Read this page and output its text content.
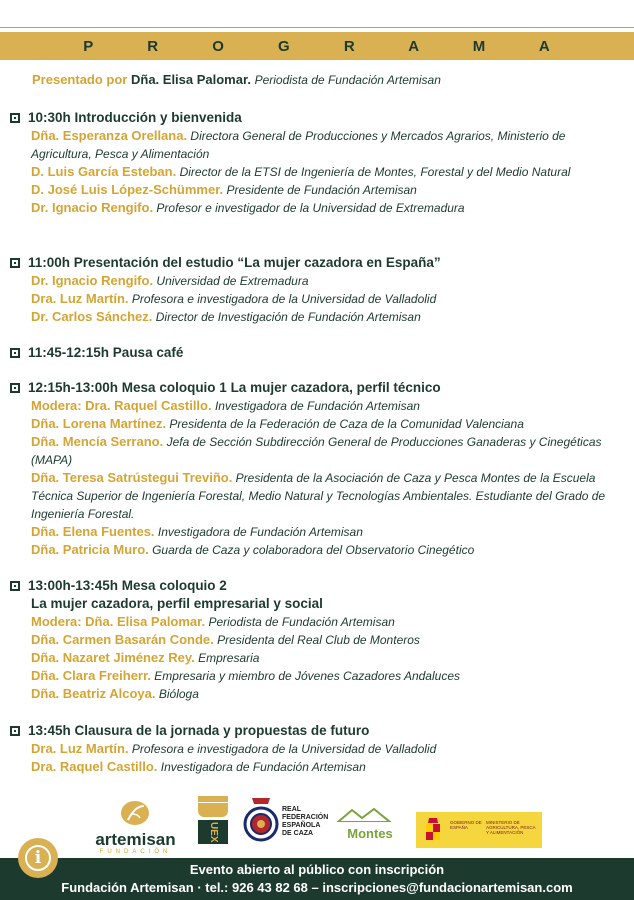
P R O G R A M A
Presentado por Dña. Elisa Palomar. Periodista de Fundación Artemisan
10:30h Introducción y bienvenida
Dña. Esperanza Orellana. Directora General de Producciones y Mercados Agrarios, Ministerio de Agricultura, Pesca y Alimentación
D. Luis García Esteban. Director de la ETSI de Ingeniería de Montes, Forestal y del Medio Natural
D. José Luis López-Schümmer. Presidente de Fundación Artemisan
Dr. Ignacio Rengifo. Profesor e investigador de la Universidad de Extremadura
11:00h Presentación del estudio “La mujer cazadora en España”
Dr. Ignacio Rengifo. Universidad de Extremadura
Dra. Luz Martín. Profesora e investigadora de la Universidad de Valladolid
Dr. Carlos Sánchez. Director de Investigación de Fundación Artemisan
11:45-12:15h Pausa café
12:15h-13:00h Mesa coloquio 1 La mujer cazadora, perfil técnico
Modera: Dra. Raquel Castillo. Investigadora de Fundación Artemisan
Dña. Lorena Martínez. Presidenta de la Federación de Caza de la Comunidad Valenciana
Dña. Mencía Serrano. Jefa de Sección Subdirección General de Producciones Ganaderas y Cinegéticas (MAPA)
Dña. Teresa Satrústegui Treviño. Presidenta de la Asociación de Caza y Pesca Montes de la Escuela Técnica Superior de Ingeniería Forestal, Medio Natural y Tecnologías Ambientales. Estudiante del Grado de Ingeniería Forestal.
Dña. Elena Fuentes. Investigadora de Fundación Artemisan
Dña. Patricia Muro. Guarda de Caza y colaboradora del Observatorio Cinegético
13:00h-13:45h Mesa coloquio 2
La mujer cazadora, perfil empresarial y social
Modera: Dña. Elisa Palomar. Periodista de Fundación Artemisan
Dña. Carmen Basarán Conde. Presidenta del Real Club de Monteros
Dña. Nazaret Jiménez Rey. Empresaria
Dña. Clara Freiherr. Empresaria y miembro de Jóvenes Cazadores Andaluces
Dña. Beatriz Alcoya. Bióloga
13:45h Clausura de la jornada y propuestas de futuro
Dra. Luz Martín. Profesora e investigadora de la Universidad de Valladolid
Dra. Raquel Castillo. Investigadora de Fundación Artemisan
artemisan
FUNDACIÓN
UEX
REAL
FEDERACIÓN
ESPAÑOLA
DE CAZA	Montes
GOBIERNO DE ESPAÑA
MINISTERIO DE AGRICULTURA, PESCA Y ALIMENTACIÓN
Evento abierto al público con inscripción
Fundación Artemisan · tel.: 926 43 82 68 – inscripciones@fundacionartemisan.com
i
